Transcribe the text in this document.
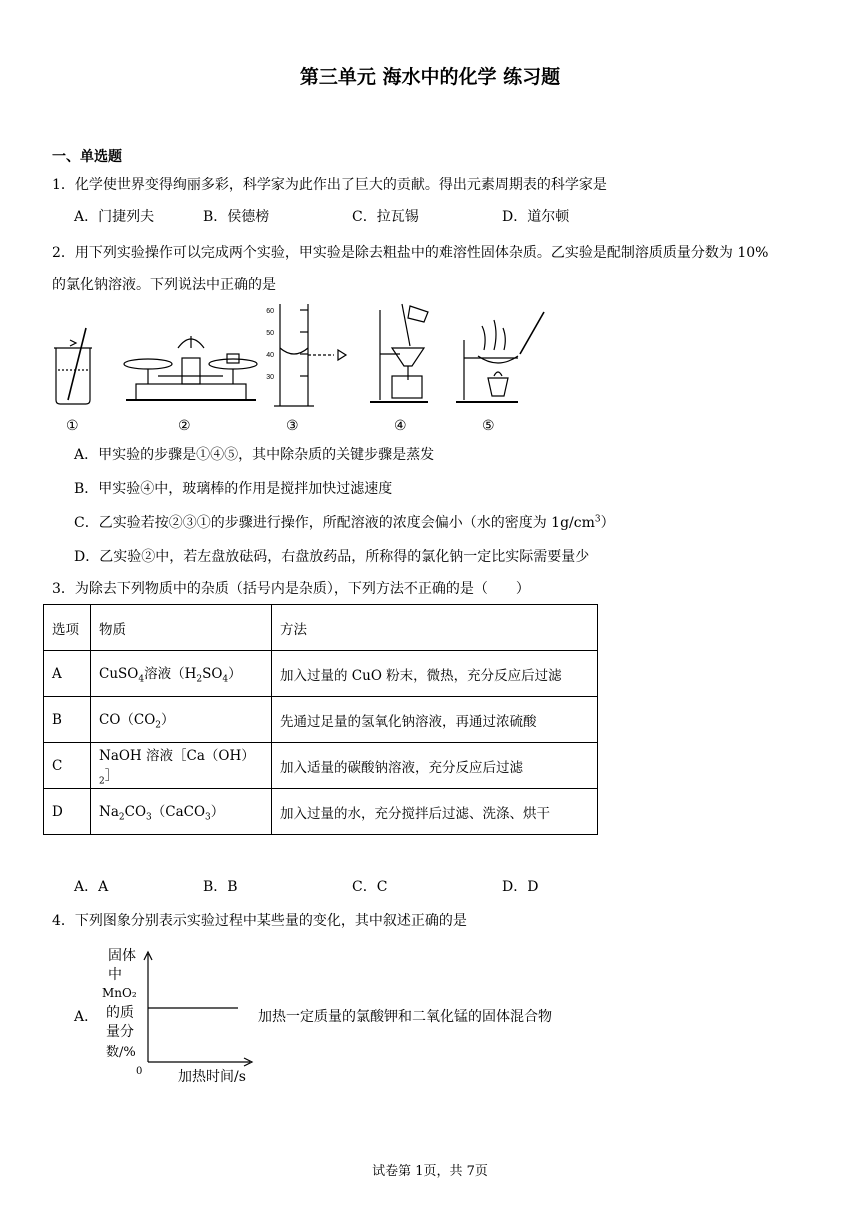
第三单元 海水中的化学 练习题
一、单选题
1．化学使世界变得绚丽多彩，科学家为此作出了巨大的贡献。得出元素周期表的科学家是
A．门捷列夫	B．侯德榜	C．拉瓦锡	D．道尔顿
2．用下列实验操作可以完成两个实验，甲实验是除去粗盐中的难溶性固体杂质。乙实验是配制溶质质量分数为 10%
的氯化钠溶液。下列说法中正确的是
60
50
40
30
①	②	③	④	⑤
A．甲实验的步骤是①④⑤，其中除杂质的关键步骤是蒸发
B．甲实验④中，玻璃棒的作用是搅拌加快过滤速度
C．乙实验若按②③①的步骤进行操作，所配溶液的浓度会偏小（水的密度为 $1g/cm^3$）
D．乙实验②中，若左盘放砝码，右盘放药品，所称得的氯化钠一定比实际需要量少
3．为除去下列物质中的杂质（括号内是杂质），下列方法不正确的是（　　）
选项	物质	方法
A	CuSO$_4$溶液$(H_2SO_4)$	加入过量的 CuO 粉末，微热，充分反应后过滤
B	$CO(CO_2)$	先通过足量的氢氧化钠溶液，再通过浓硫酸
C	NaOH 溶液$[Ca(OH)_2]$	加入适量的碳酸钠溶液，充分反应后过滤
D	$Na_2CO_3(CaCO_3)$	加入过量的水，充分搅拌后过滤、洗涤、烘干
A．A	B．B	C．C	D．D
4．下列图象分别表示实验过程中某些量的变化，其中叙述正确的是
A．
固体
中
MnO₂
的质
量分
数/%
0	加热时间/s
加热一定质量的氯酸钾和二氧化锰的固体混合物
试卷第 1页，共 7页
